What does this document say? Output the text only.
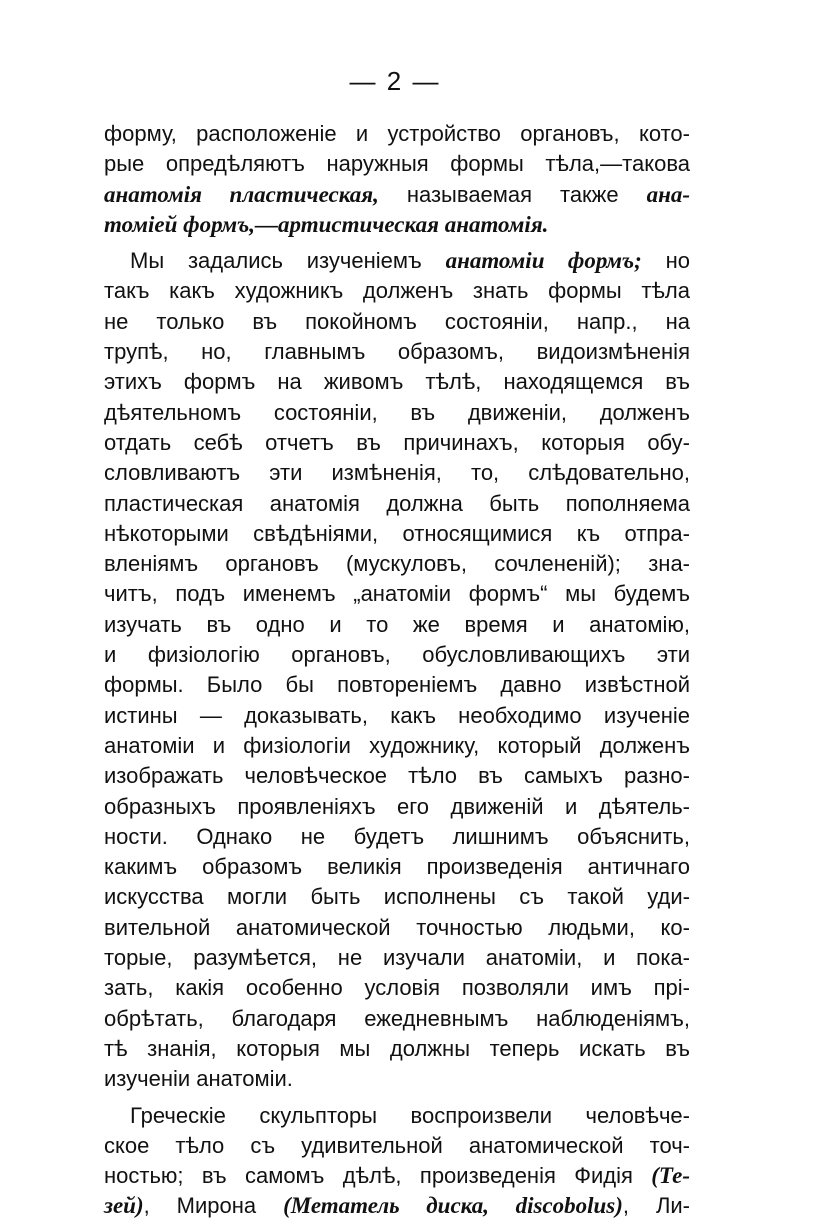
— 2 —
форму, расположеніе и устройство органовъ, кото-
рые опредѣляютъ наружныя формы тѣла,—такова
анатомія пластическая, называемая также ана-
томіей формъ,—артистическая анатомія.
Мы задались изученіемъ анатоміи формъ; но
такъ какъ художникъ долженъ знать формы тѣла
не только въ покойномъ состояніи, напр., на
трупѣ, но, главнымъ образомъ, видоизмѣненія
этихъ формъ на живомъ тѣлѣ, находящемся въ
дѣятельномъ состояніи, въ движеніи, долженъ
отдать себѣ отчетъ въ причинахъ, которыя обу-
словливаютъ эти измѣненія, то, слѣдовательно,
пластическая анатомія должна быть пополняема
нѣкоторыми свѣдѣніями, относящимися къ отпра-
вленіямъ органовъ (мускуловъ, сочлененій); зна-
читъ, подъ именемъ „анатоміи формъ“ мы будемъ
изучать въ одно и то же время и анатомію,
и физіологію органовъ, обусловливающихъ эти
формы. Было бы повтореніемъ давно извѣстной
истины — доказывать, какъ необходимо изученіе
анатоміи и физіологіи художнику, который долженъ
изображать человѣческое тѣло въ самыхъ разно-
образныхъ проявленіяхъ его движеній и дѣятель-
ности. Однако не будетъ лишнимъ объяснить,
какимъ образомъ великія произведенія античнаго
искусства могли быть исполнены съ такой уди-
вительной анатомической точностью людьми, ко-
торые, разумѣется, не изучали анатоміи, и пока-
зать, какія особенно условія позволяли имъ прі-
обрѣтать, благодаря ежедневнымъ наблюденіямъ,
тѣ знанія, которыя мы должны теперь искать въ
изученіи анатоміи.
Греческіе скульпторы воспроизвели человѣче-
ское тѣло съ удивительной анатомической точ-
ностью; въ самомъ дѣлѣ, произведенія Фидія (Те-
зей), Мирона (Метатель диска, discobolus), Ли-
